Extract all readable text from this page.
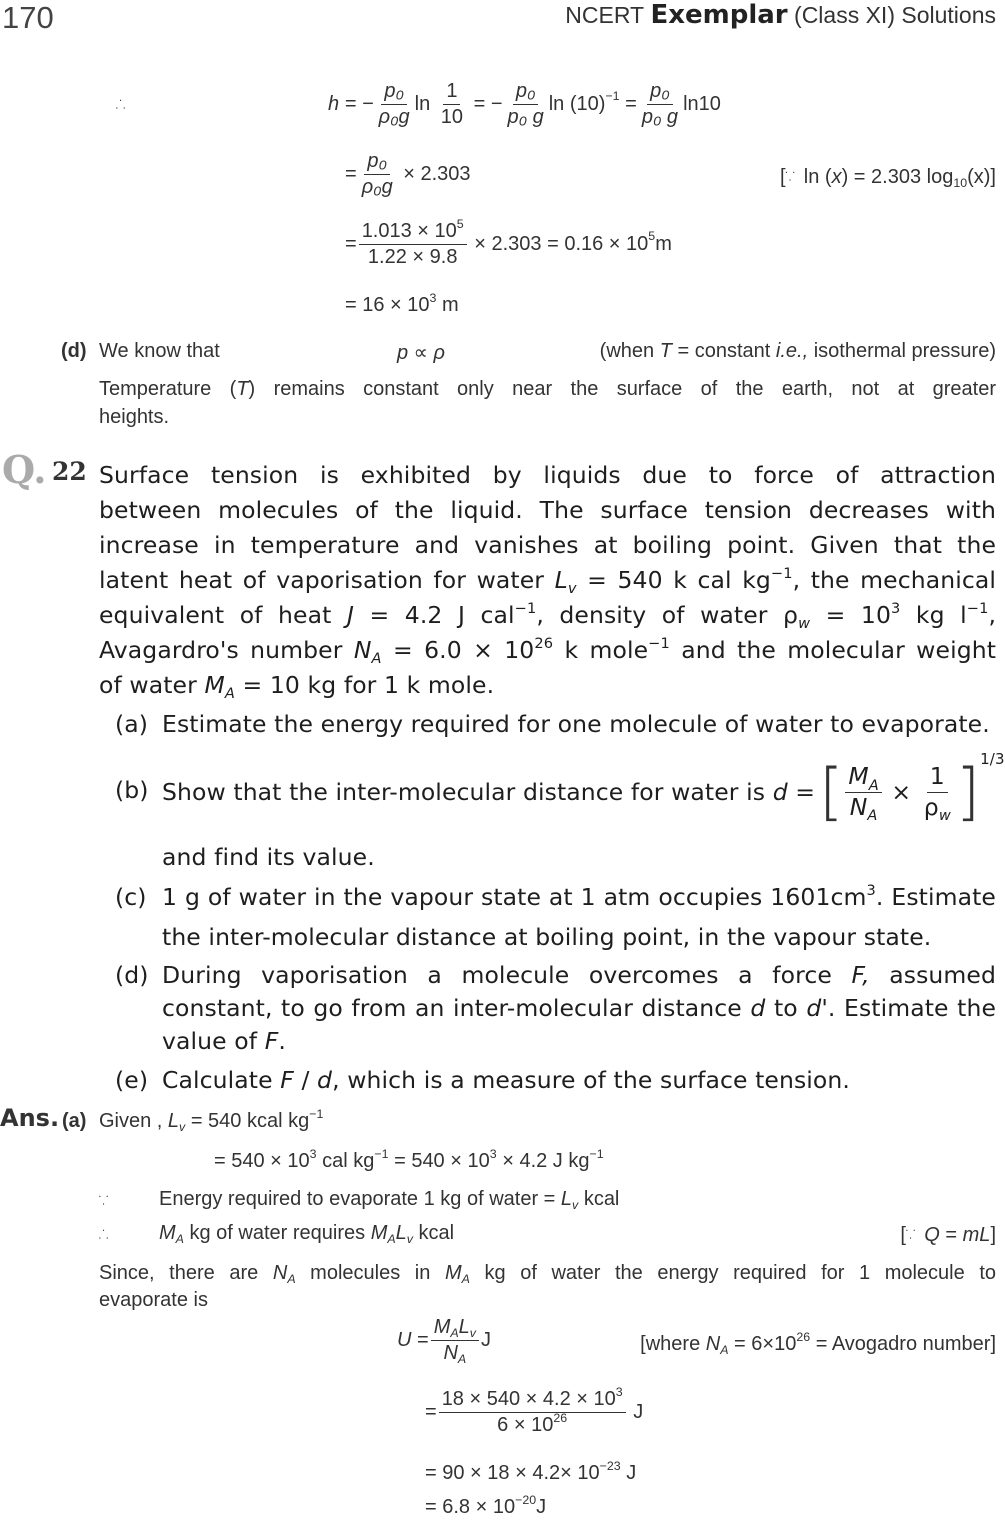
170	NCERT Exemplar (Class XI) Solutions
∴	h = − $\frac{\text{p₀}}{\text{ρ₀g}}$ ln
$\frac{1}{10}$
= − $\frac{\text{p₀}}{\text{p₀ g}}$ $\ln (10)^{-1}$
= $\frac{\text{p₀}}{\text{p₀ g}} \ln 10$
= $\frac{\text{p₀}}{\text{ρ₀g}}$
× 2.303	[∵ ln (x) = 2.303 $\log_{10}(x)$]
= $\frac{1.013 \times 10^5}{1.22 \times 9.8}$
× $2.303 = 0.16 \times 10^5$ m
= $16 \times 10^3$ m
(d) We know that	p ∝ ρ	(when T = constant i.e., isothermal pressure)
Temperature (T) remains constant only near the surface of the earth, not at greater
heights.
Q. 22 Surface tension is exhibited by liquids due to force of attraction
between molecules of the liquid. The surface tension decreases with
increase in temperature and vanishes at boiling point. Given that the
latent heat of vaporisation for water $L_v = 540$ k cal $kg^{-1}$, the mechanical
equivalent of heat J = 4.2 J cal$^{-1}$, density of water $\rho_w = 10^3$ kg $l^{-1}$,
Avagardro's number $N_A = 6.0 \times 10^{26}$ k mole$^{-1}$ and the molecular weight
of water $M_A = 10$ kg for 1 k mole.
(a) Estimate the energy required for one molecule of water to evaporate.
(b) Show that the inter-molecular distance for water is
d
= [ $\frac{M_A}{N_A}$
×
$\frac{1}{\rho_w}$ ] 1/3
and find its value.
(c) 1 g of water in the vapour state at 1 atm occupies $1601cm^3$. Estimate
the inter-molecular distance at boiling point, in the vapour state.
(d) During vaporisation a molecule overcomes a force F, assumed
constant, to go from an inter-molecular distance d to d'. Estimate the
value of F.
(e) Calculate F / d, which is a measure of the surface tension.
Ans. (a) Given , $L_v = 540$ kcal $kg^{-1}$
= $540 \times 10^3$ cal $kg^{-1} = 540 \times 10^3 \times 4.2$ J $kg^{-1}$
∵ Energy required to evaporate 1 kg of water = $L_v$ kcal
∴ $M_A$ kg of water requires $M_AL_v$ kcal	[∵ Q = mL]
Since, there are $N_A$ molecules in $M_A$ kg of water the energy required for 1 molecule to
evaporate is
U
= $\frac{M_AL_v}{N_A}$ J	[where $N_A = 6\times 10^{26}$ = Avogadro number]
= $\frac{18 \times 540 \times 4.2 \times 10^3}{6 \times 10^{26}}$
J
= $90 \times 18 \times 4.2\times 10^{-23}$ J
= $6.8 \times 10^{-20}J$
